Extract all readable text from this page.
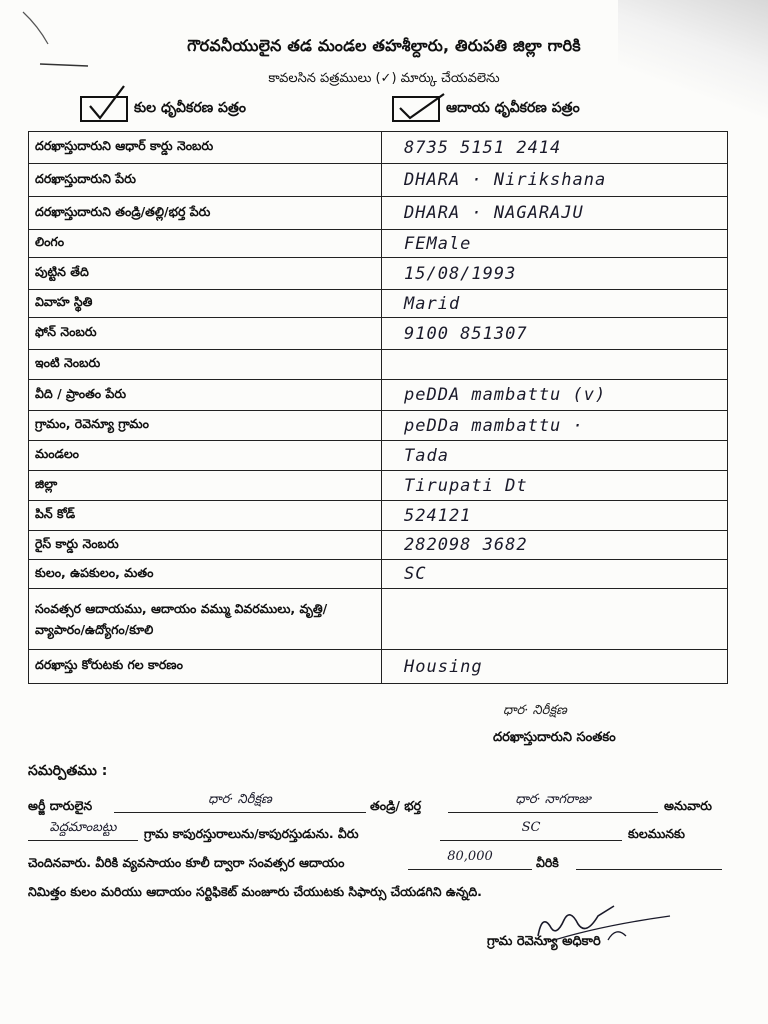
గౌరవనీయులైన తడ మండల తహశీల్దారు, తిరుపతి జిల్లా గారికి
కావలసిన పత్రములు (✓) మార్కు చేయవలెను
కుల ధృవీకరణ పత్రం	ఆదాయ ధృవీకరణ పత్రం
దరఖాస్తుదారుని ఆధార్ కార్డు నెంబరు	8735 5151 2414
దరఖాస్తుదారుని పేరు	DHARA · Nirikshana
దరఖాస్తుదారుని తండ్రి/తల్లి/భర్త పేరు	DHARA · NAGARAJU
లింగం	FEMale
పుట్టిన తేది	15/08/1993
వివాహ స్థితి	Marid
ఫోన్ నెంబరు	9100 851307
ఇంటి నెంబరు	
వీది / ప్రాంతం పేరు	peDDA mambattu (v)
గ్రామం, రెవెన్యూ గ్రామం	peDDa mambattu ·
మండలం	Tada
జిల్లా	Tirupati Dt
పిన్ కోడ్	524121
రైస్ కార్డు నెంబరు	282098 3682
కులం, ఉపకులం, మతం	SC
సంవత్సర ఆదాయము, ఆదాయం వమ్ము వివరములు, వృత్తి/వ్యాపారం/ఉద్యోగం/కూలి	
దరఖాస్తు కోరుటకు గల కారణం	Housing
ధార· నిరీక్షణ
దరఖాస్తుదారుని సంతకం
సమర్పితము :
అర్జీ దారులైన	ధార· నిరీక్షణ	తండ్రి/ భర్త	ధార· నాగరాజు	అనువారు
పెద్దమాంబట్టు	గ్రామ కాపురస్తురాలును/కాపురస్తుడును. వీరు	SC	కులమునకు
చెందినవారు. వీరికి వ్యవసాయం కూలీ ద్వారా సంవత్సర ఆదాయం	80,000	వీరికి
నిమిత్తం కులం మరియు ఆదాయం సర్టిఫికెట్ మంజూరు చేయుటకు సిఫార్సు చేయడగిని ఉన్నది.
గ్రామ రెవెన్యూ అధికారి
